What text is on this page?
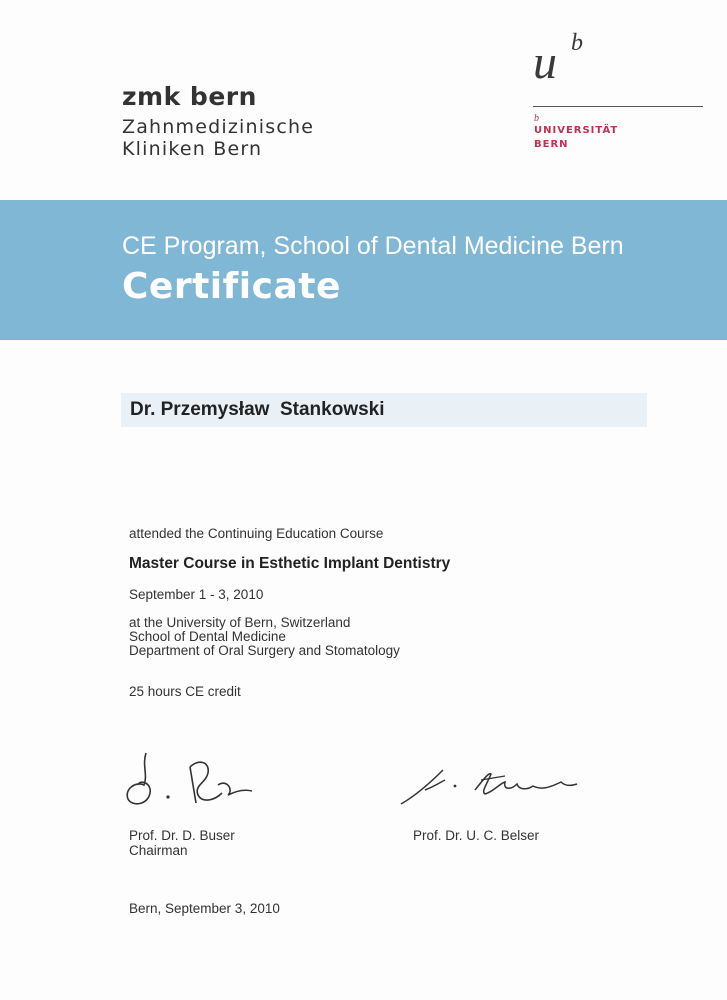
zmk bern
Zahnmedizinische
Kliniken Bern
u b
b
UNIVERSITÄT
BERN
CE Program, School of Dental Medicine Bern
Certificate
Dr. Przemysław  Stankowski
attended the Continuing Education Course
Master Course in Esthetic Implant Dentistry
September 1 - 3, 2010
at the University of Bern, Switzerland
School of Dental Medicine
Department of Oral Surgery and Stomatology
25 hours CE credit
Prof. Dr. D. Buser
Chairman
Prof. Dr. U. C. Belser
Bern, September 3, 2010
